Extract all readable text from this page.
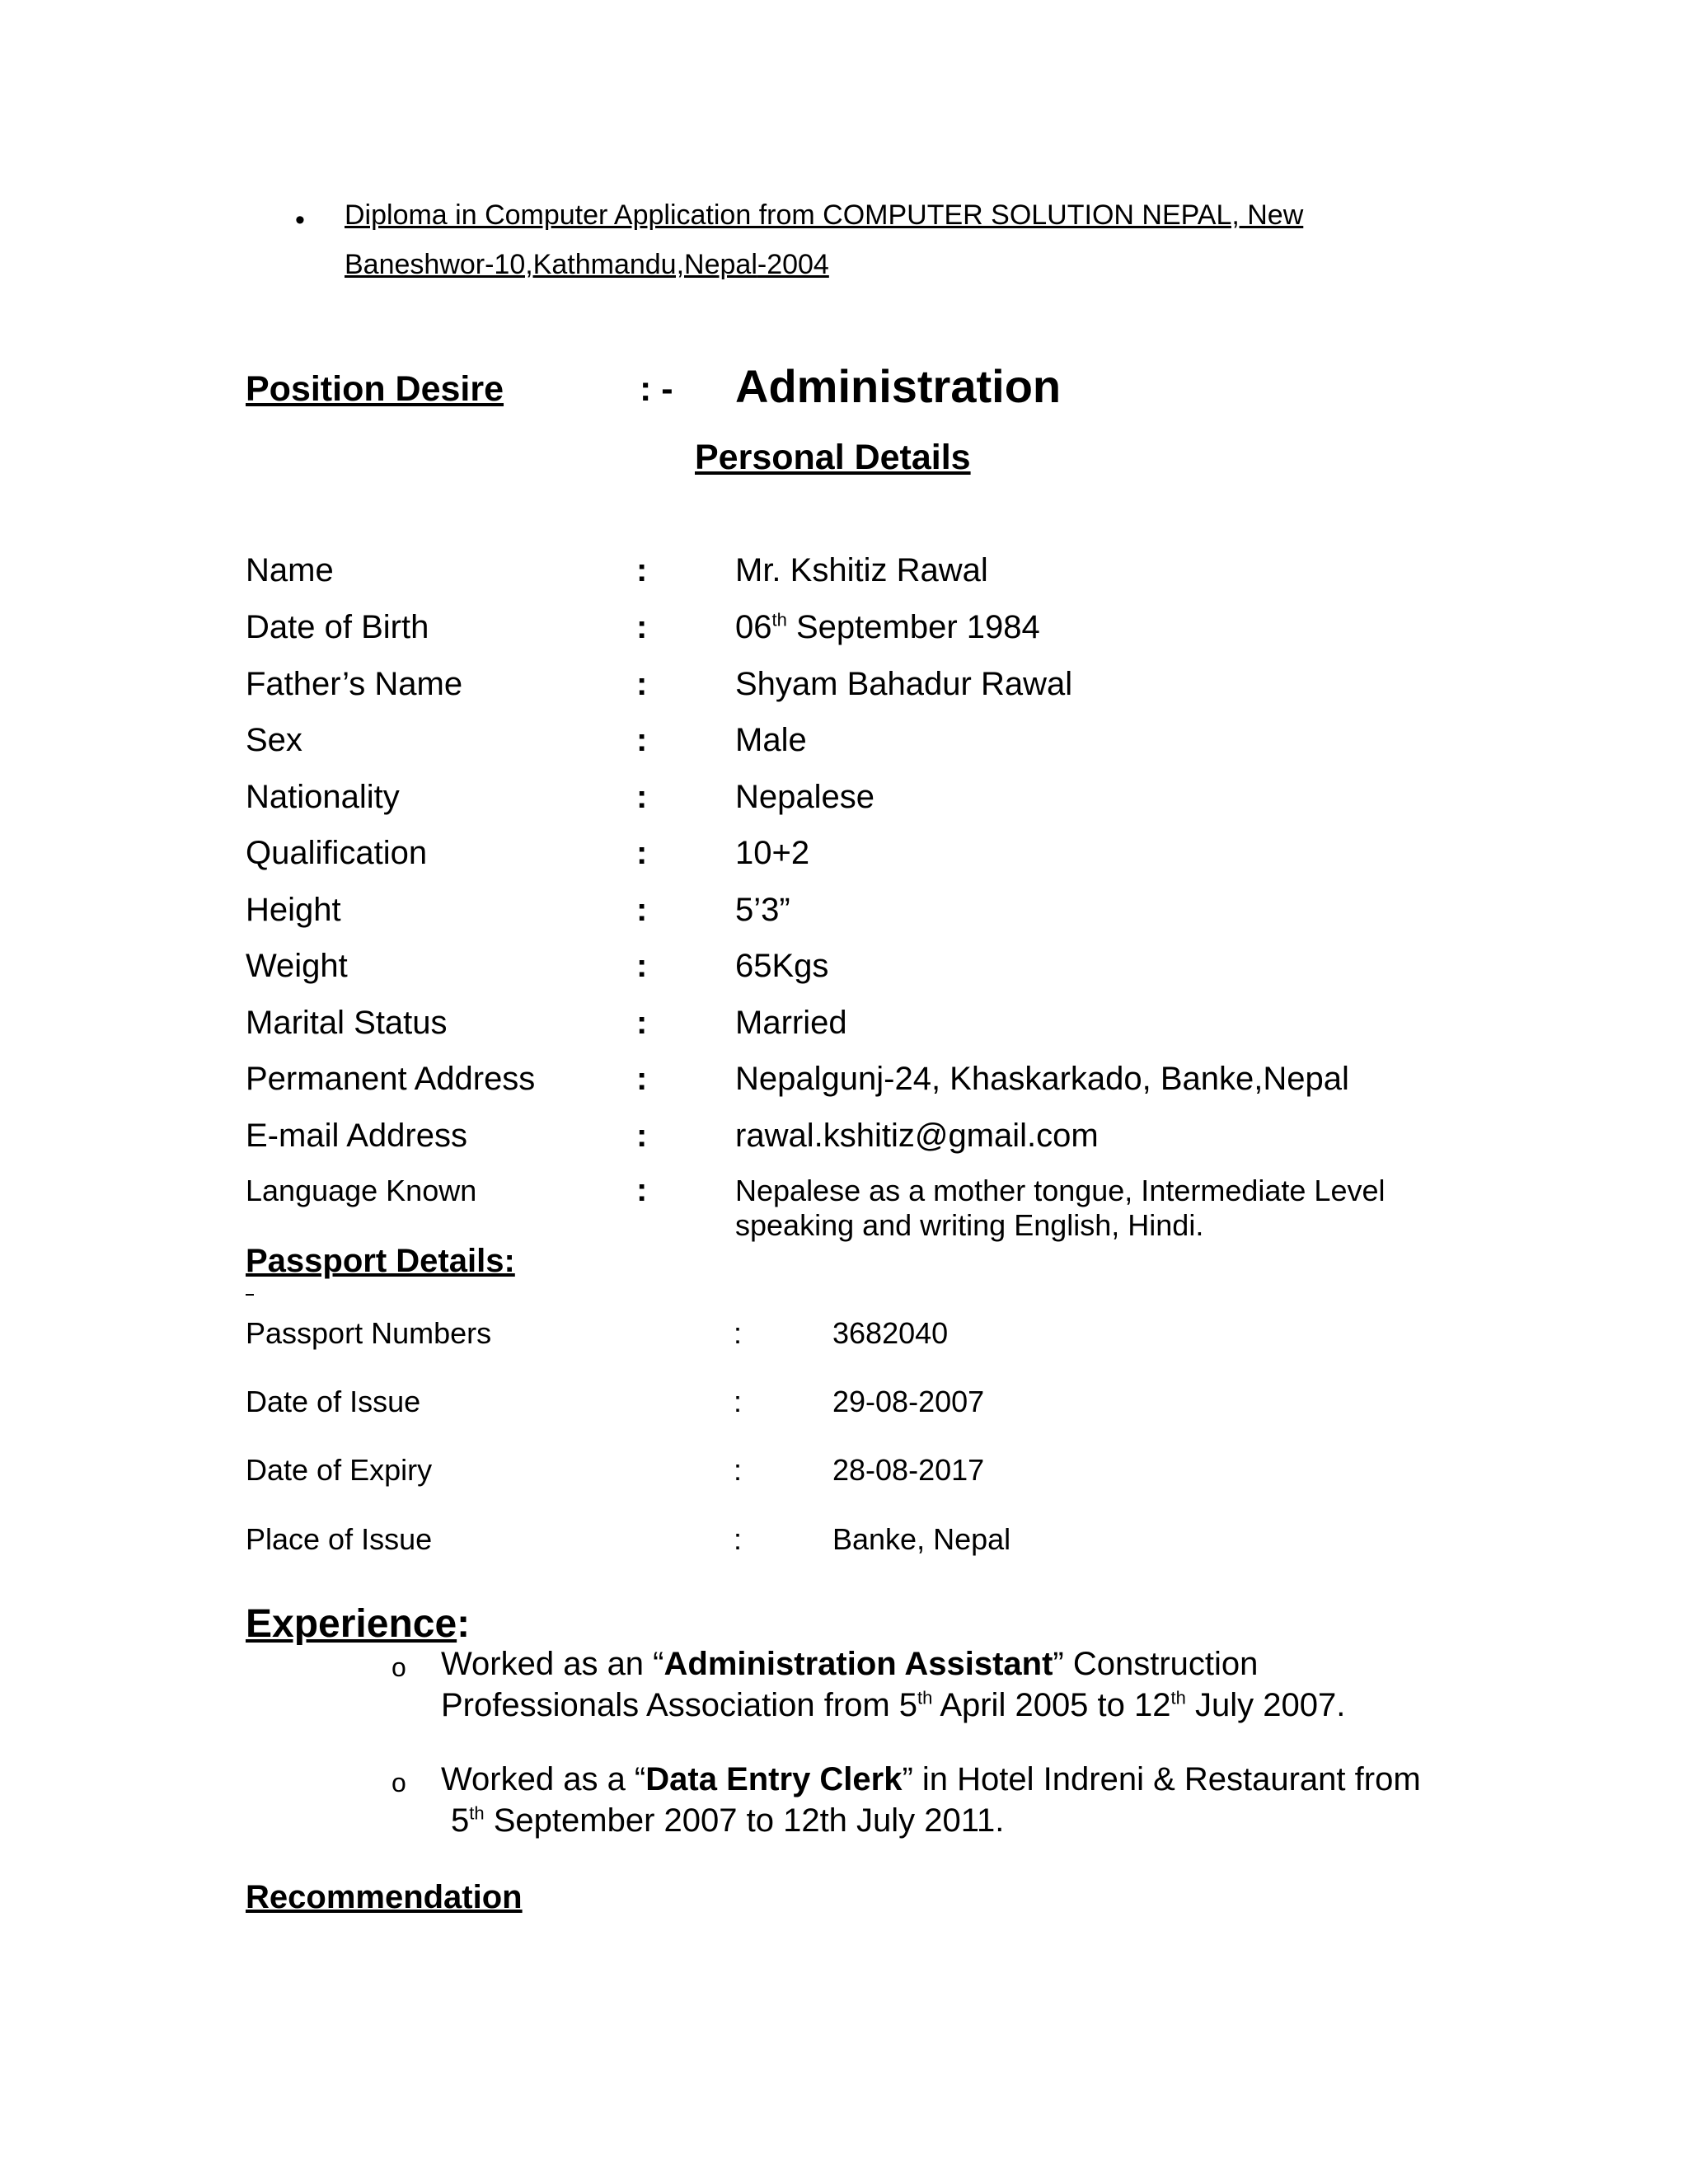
• Diploma in Computer Application from COMPUTER SOLUTION NEPAL, New
Baneshwor-10,Kathmandu,Nepal-2004
Position Desire	: - Administration
Personal Details
Name	:	Mr. Kshitiz Rawal
Date of Birth	:	06th September 1984
Father’s Name	:	Shyam Bahadur Rawal
Sex	:	Male
Nationality	:	Nepalese
Qualification	:	10+2
Height	:	5’3”
Weight	:	65Kgs
Marital Status	:	Married
Permanent Address	:	Nepalgunj-24, Khaskarkado, Banke,Nepal
E-mail Address	:	rawal.kshitiz@gmail.com
Language Known	:	Nepalese as a mother tongue, Intermediate Level
speaking and writing English, Hindi.
Passport Details:
Passport Numbers	:	3682040
Date of Issue	:	29-08-2007
Date of Expiry	:	28-08-2017
Place of Issue	:	Banke, Nepal
Experience:
o Worked as an “Administration Assistant” Construction
Professionals Association from 5th April 2005 to 12th July 2007.
o Worked as a “Data Entry Clerk” in Hotel Indreni & Restaurant from
5th September 2007 to 12th July 2011.
Recommendation
